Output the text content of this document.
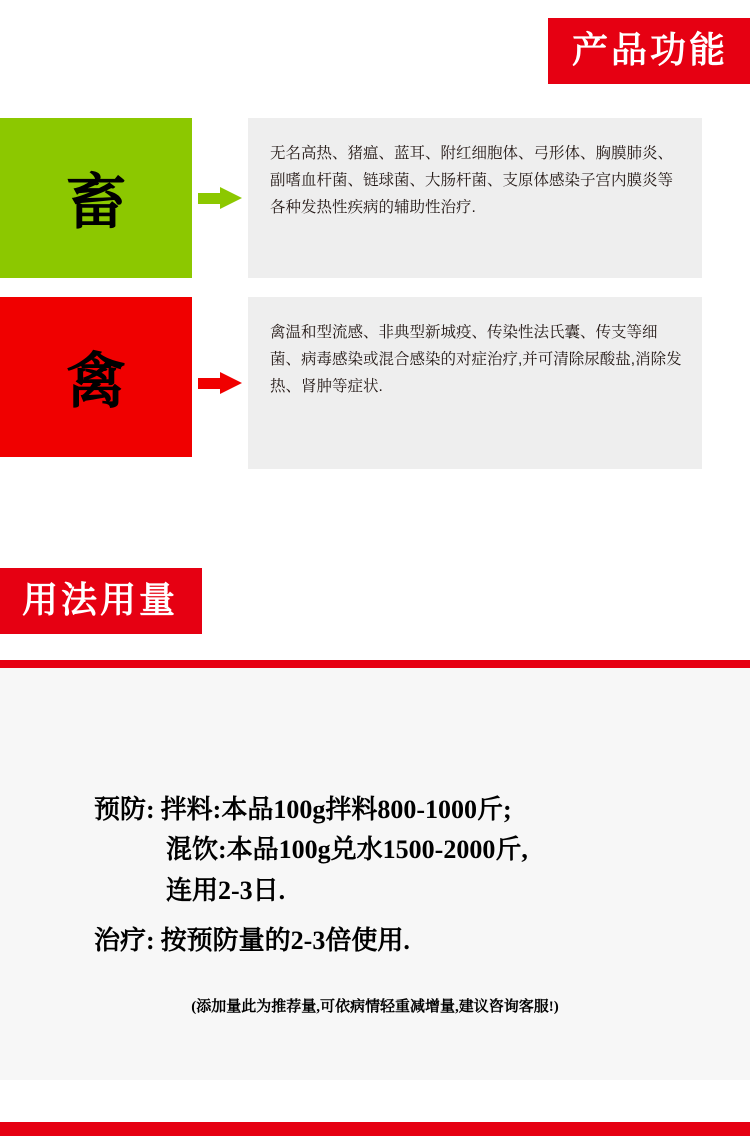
产品功能
畜
无名高热、猪瘟、蓝耳、附红细胞体、弓形体、胸膜肺炎、副嗜血杆菌、链球菌、大肠杆菌、支原体感染子宫内膜炎等各种发热性疾病的辅助性治疗.
禽
禽温和型流感、非典型新城疫、传染性法氏囊、传支等细菌、病毒感染或混合感染的对症治疗,并可清除尿酸盐,消除发热、肾肿等症状.
用法用量
预防: 拌料:本品100g拌料800-1000斤;
混饮:本品100g兑水1500-2000斤,
连用2-3日.
治疗: 按预防量的2-3倍使用.
(添加量此为推荐量,可依病情轻重减增量,建议咨询客服!)
